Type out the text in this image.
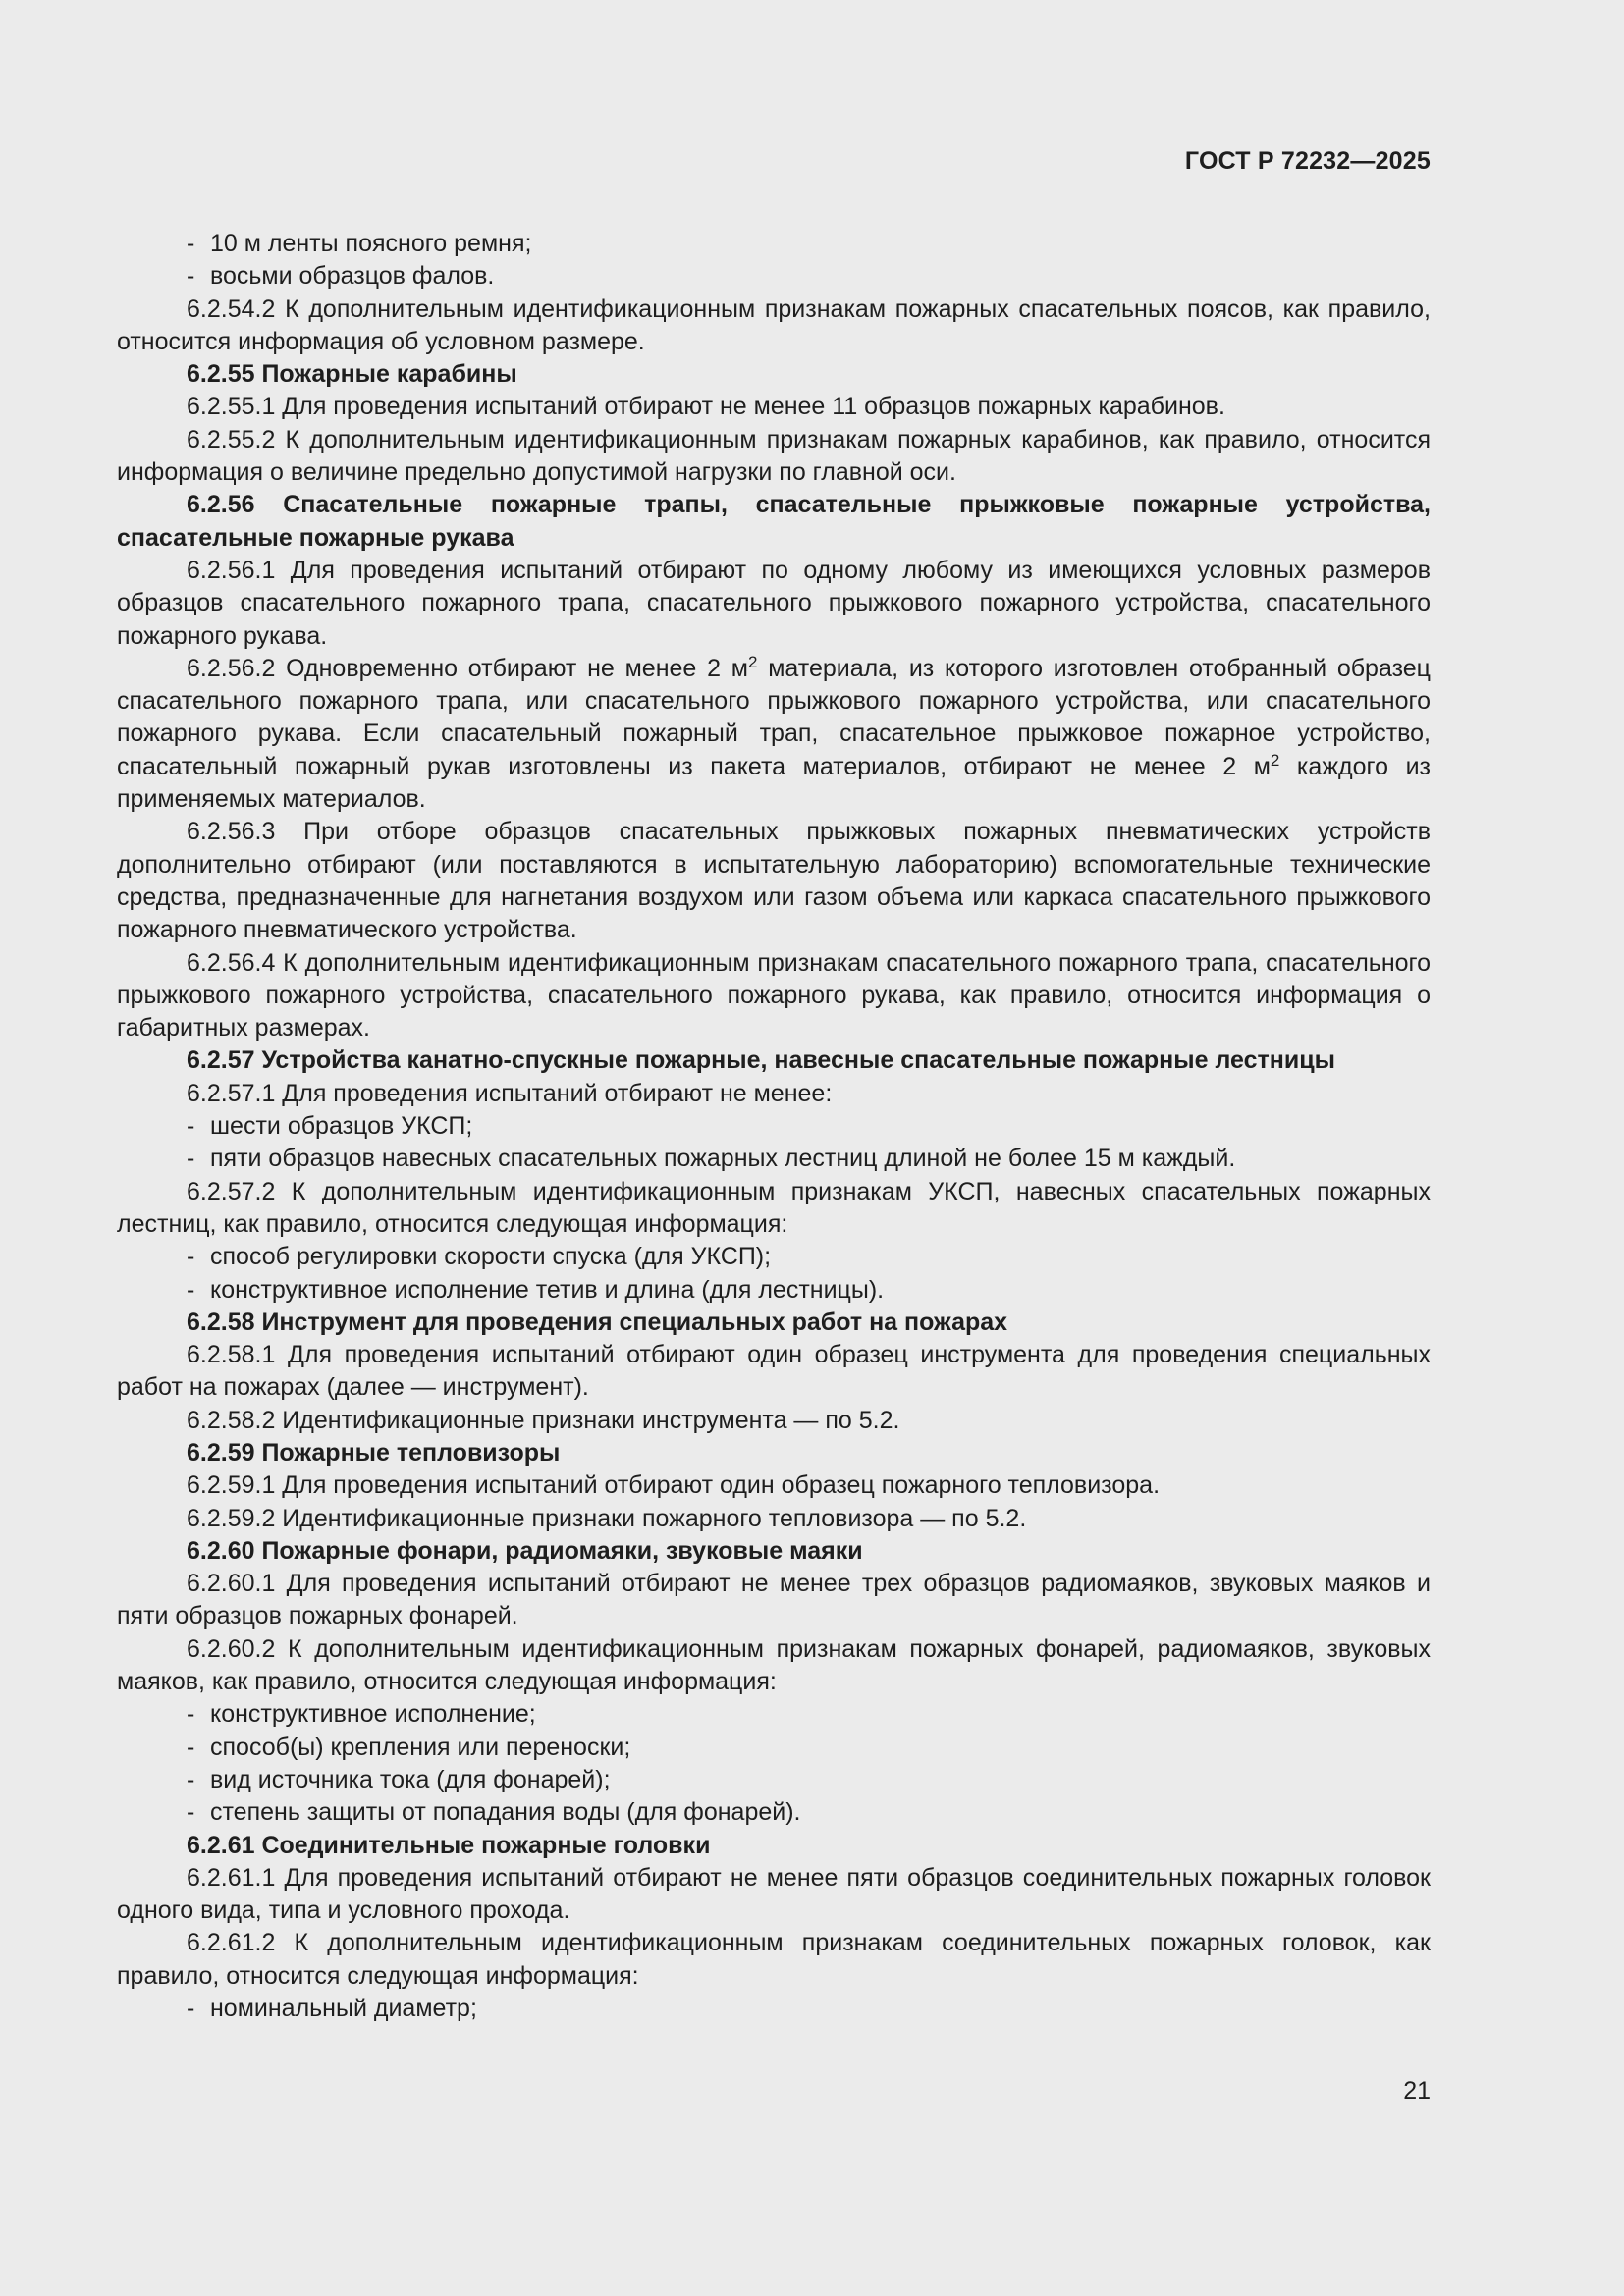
ГОСТ Р 72232—2025
- 10 м ленты поясного ремня;
- восьми образцов фалов.

6.2.54.2 К дополнительным идентификационным признакам пожарных спасательных поясов, как правило, относится информация об условном размере.

6.2.55 Пожарные карабины

6.2.55.1 Для проведения испытаний отбирают не менее 11 образцов пожарных карабинов.

6.2.55.2 К дополнительным идентификационным признакам пожарных карабинов, как правило, относится информация о величине предельно допустимой нагрузки по главной оси.

6.2.56 Спасательные пожарные трапы, спасательные прыжковые пожарные устройства, спасательные пожарные рукава

6.2.56.1 Для проведения испытаний отбирают по одному любому из имеющихся условных размеров образцов спасательного пожарного трапа, спасательного прыжкового пожарного устройства, спасательного пожарного рукава.

6.2.56.2 Одновременно отбирают не менее 2 $м^2$ материала, из которого изготовлен отобранный образец спасательного пожарного трапа, или спасательного прыжкового пожарного устройства, или спасательного пожарного рукава. Если спасательный пожарный трап, спасательное прыжковое пожарное устройство, спасательный пожарный рукав изготовлены из пакета материалов, отбирают не менее 2 $м^2$ каждого из применяемых материалов.

6.2.56.3 При отборе образцов спасательных прыжковых пожарных пневматических устройств дополнительно отбирают (или поставляются в испытательную лабораторию) вспомогательные технические средства, предназначенные для нагнетания воздухом или газом объема или каркаса спасательного прыжкового пожарного пневматического устройства.

6.2.56.4 К дополнительным идентификационным признакам спасательного пожарного трапа, спасательного прыжкового пожарного устройства, спасательного пожарного рукава, как правило, относится информация о габаритных размерах.

6.2.57 Устройства канатно-спускные пожарные, навесные спасательные пожарные лестницы

6.2.57.1 Для проведения испытаний отбирают не менее:

- шести образцов УКСП;
- пяти образцов навесных спасательных пожарных лестниц длиной не более 15 м каждый.

6.2.57.2 К дополнительным идентификационным признакам УКСП, навесных спасательных пожарных лестниц, как правило, относится следующая информация:

- способ регулировки скорости спуска (для УКСП);
- конструктивное исполнение тетив и длина (для лестницы).

6.2.58 Инструмент для проведения специальных работ на пожарах

6.2.58.1 Для проведения испытаний отбирают один образец инструмента для проведения специальных работ на пожарах (далее — инструмент).

6.2.58.2 Идентификационные признаки инструмента — по 5.2.

6.2.59 Пожарные тепловизоры

6.2.59.1 Для проведения испытаний отбирают один образец пожарного тепловизора.

6.2.59.2 Идентификационные признаки пожарного тепловизора — по 5.2.

6.2.60 Пожарные фонари, радиомаяки, звуковые маяки

6.2.60.1 Для проведения испытаний отбирают не менее трех образцов радиомаяков, звуковых маяков и пяти образцов пожарных фонарей.

6.2.60.2 К дополнительным идентификационным признакам пожарных фонарей, радиомаяков, звуковых маяков, как правило, относится следующая информация:

- конструктивное исполнение;
- способ(ы) крепления или переноски;
- вид источника тока (для фонарей);
- степень защиты от попадания воды (для фонарей).

6.2.61 Соединительные пожарные головки

6.2.61.1 Для проведения испытаний отбирают не менее пяти образцов соединительных пожарных головок одного вида, типа и условного прохода.

6.2.61.2 К дополнительным идентификационным признакам соединительных пожарных головок, как правило, относится следующая информация:

- номинальный диаметр;
21
